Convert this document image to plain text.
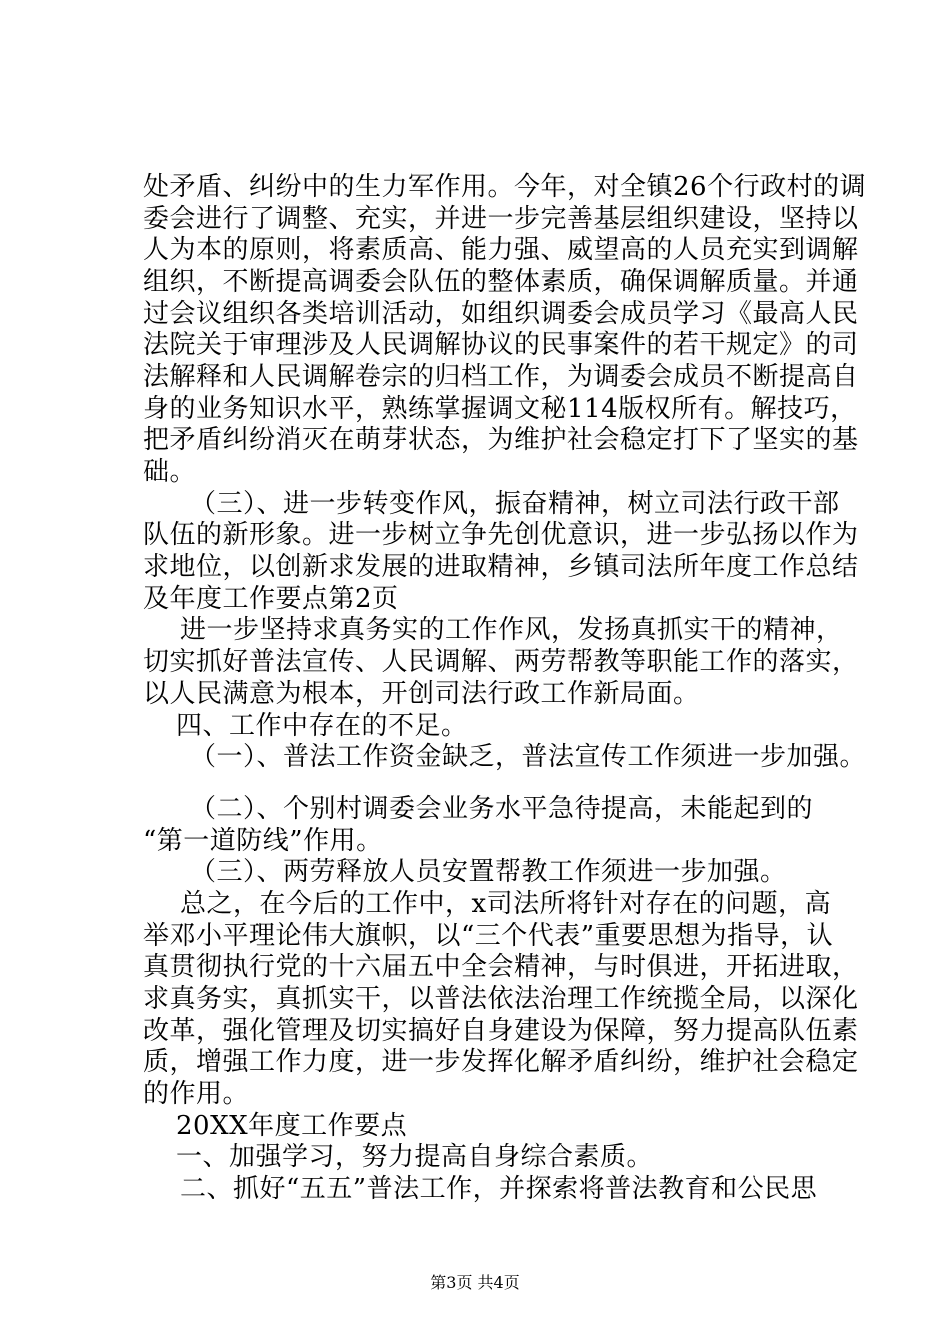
处矛盾、纠纷中的生力军作用。今年，对全镇26个行政村的调
委会进行了调整、充实，并进一步完善基层组织建设，坚持以
人为本的原则，将素质高、能力强、威望高的人员充实到调解
组织，不断提高调委会队伍的整体素质，确保调解质量。并通
过会议组织各类培训活动，如组织调委会成员学习《最高人民
法院关于审理涉及人民调解协议的民事案件的若干规定》的司
法解释和人民调解卷宗的归档工作，为调委会成员不断提高自
身的业务知识水平，熟练掌握调文秘114版权所有。解技巧，
把矛盾纠纷消灭在萌芽状态，为维护社会稳定打下了坚实的基
础。
（三）、进一步转变作风，振奋精神，树立司法行政干部
队伍的新形象。进一步树立争先创优意识，进一步弘扬以作为
求地位，以创新求发展的进取精神，乡镇司法所年度工作总结
及年度工作要点第2页
进一步坚持求真务实的工作作风，发扬真抓实干的精神，
切实抓好普法宣传、人民调解、两劳帮教等职能工作的落实，
以人民满意为根本，开创司法行政工作新局面。
四、工作中存在的不足。
（一）、普法工作资金缺乏，普法宣传工作须进一步加强。
（二）、个别村调委会业务水平急待提高，未能起到的
“第一道防线”作用。
（三）、两劳释放人员安置帮教工作须进一步加强。
总之，在今后的工作中，x司法所将针对存在的问题，高
举邓小平理论伟大旗帜，以“三个代表”重要思想为指导，认
真贯彻执行党的十六届五中全会精神，与时俱进，开拓进取，
求真务实，真抓实干，以普法依法治理工作统揽全局，以深化
改革，强化管理及切实搞好自身建设为保障，努力提高队伍素
质，增强工作力度，进一步发挥化解矛盾纠纷，维护社会稳定
的作用。
20XX年度工作要点
一、加强学习，努力提高自身综合素质。
二、抓好“五五”普法工作，并探索将普法教育和公民思
第3页 共4页
